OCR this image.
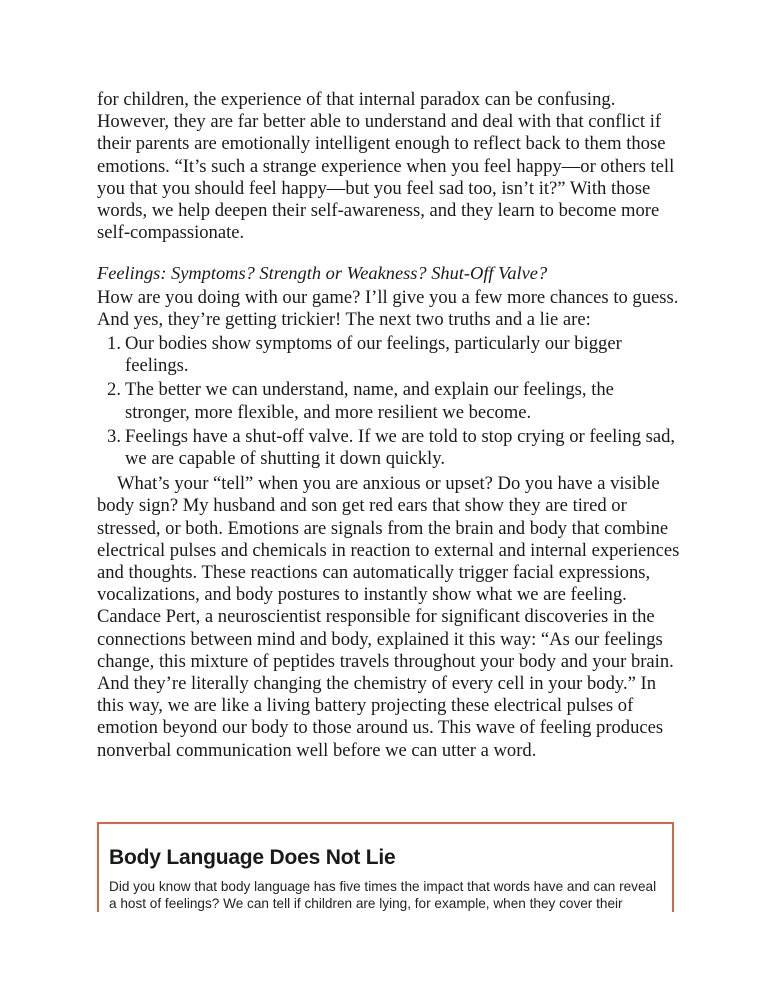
for children, the experience of that internal paradox can be confusing. However, they are far better able to understand and deal with that conflict if their parents are emotionally intelligent enough to reflect back to them those emotions. “It’s such a strange experience when you feel happy—or others tell you that you should feel happy—but you feel sad too, isn’t it?” With those words, we help deepen their self-awareness, and they learn to become more self-compassionate.

Feelings: Symptoms? Strength or Weakness? Shut-Off Valve?

How are you doing with our game? I’ll give you a few more chances to guess. And yes, they’re getting trickier! The next two truths and a lie are:

1. Our bodies show symptoms of our feelings, particularly our bigger feelings.
2. The better we can understand, name, and explain our feelings, the stronger, more flexible, and more resilient we become.
3. Feelings have a shut-off valve. If we are told to stop crying or feeling sad, we are capable of shutting it down quickly.

What’s your “tell” when you are anxious or upset? Do you have a visible body sign? My husband and son get red ears that show they are tired or stressed, or both. Emotions are signals from the brain and body that combine electrical pulses and chemicals in reaction to external and internal experiences and thoughts. These reactions can automatically trigger facial expressions, vocalizations, and body postures to instantly show what we are feeling. Candace Pert, a neuroscientist responsible for significant discoveries in the connections between mind and body, explained it this way: “As our feelings change, this mixture of peptides travels throughout your body and your brain. And they’re literally changing the chemistry of every cell in your body.” In this way, we are like a living battery projecting these electrical pulses of emotion beyond our body to those around us. This wave of feeling produces nonverbal communication well before we can utter a word.

Body Language Does Not Lie

Did you know that body language has five times the impact that words have and can reveal a host of feelings? We can tell if children are lying, for example, when they cover their
